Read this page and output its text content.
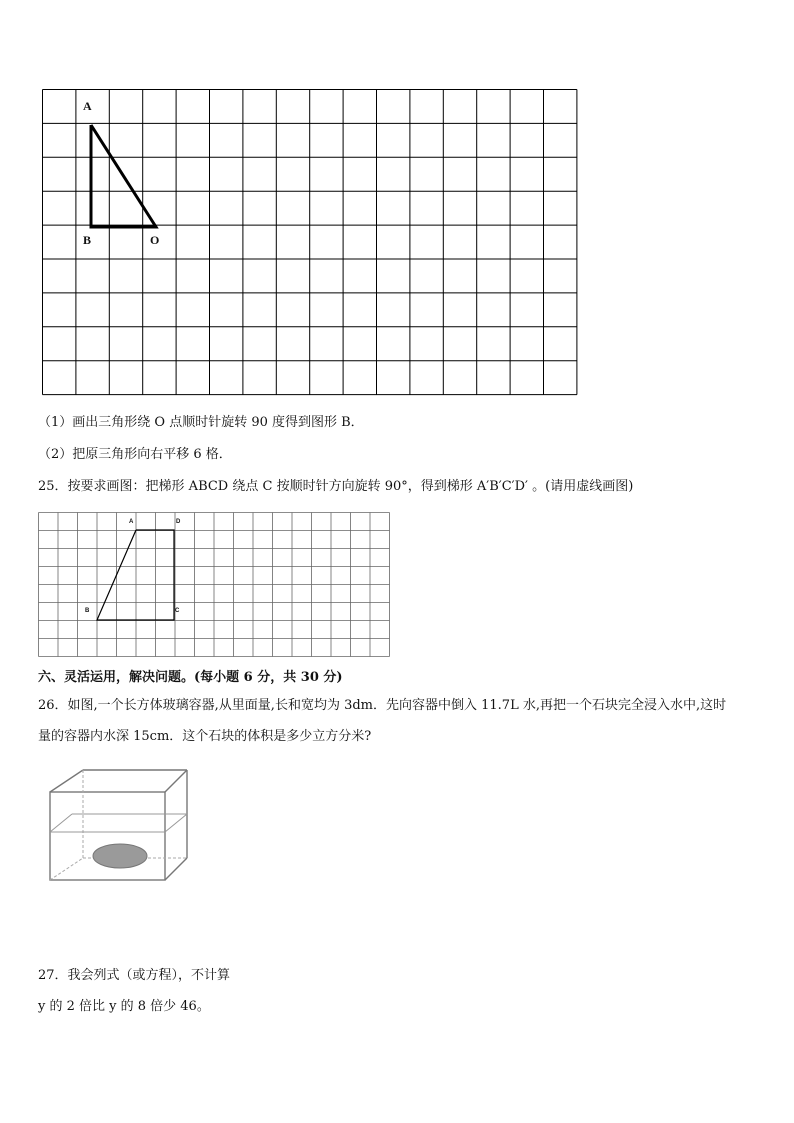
A
B	O
（1）画出三角形绕 O 点顺时针旋转 90 度得到图形 B．
（2）把原三角形向右平移 6 格．
25．按要求画图：把梯形 ABCD 绕点 C 按顺时针方向旋转 90°，得到梯形 A′B′C′D′ 。(请用虚线画图)
A	D
B	C
六、灵活运用，解决问题。(每小题 6 分，共 30 分)
26．如图,一个长方体玻璃容器,从里面量,长和宽均为 3dm．先向容器中倒入 11.7L 水,再把一个石块完全浸入水中,这时
量的容器内水深 15cm．这个石块的体积是多少立方分米?
27．我会列式（或方程），不计算
y 的 2 倍比 y 的 8 倍少 46。
